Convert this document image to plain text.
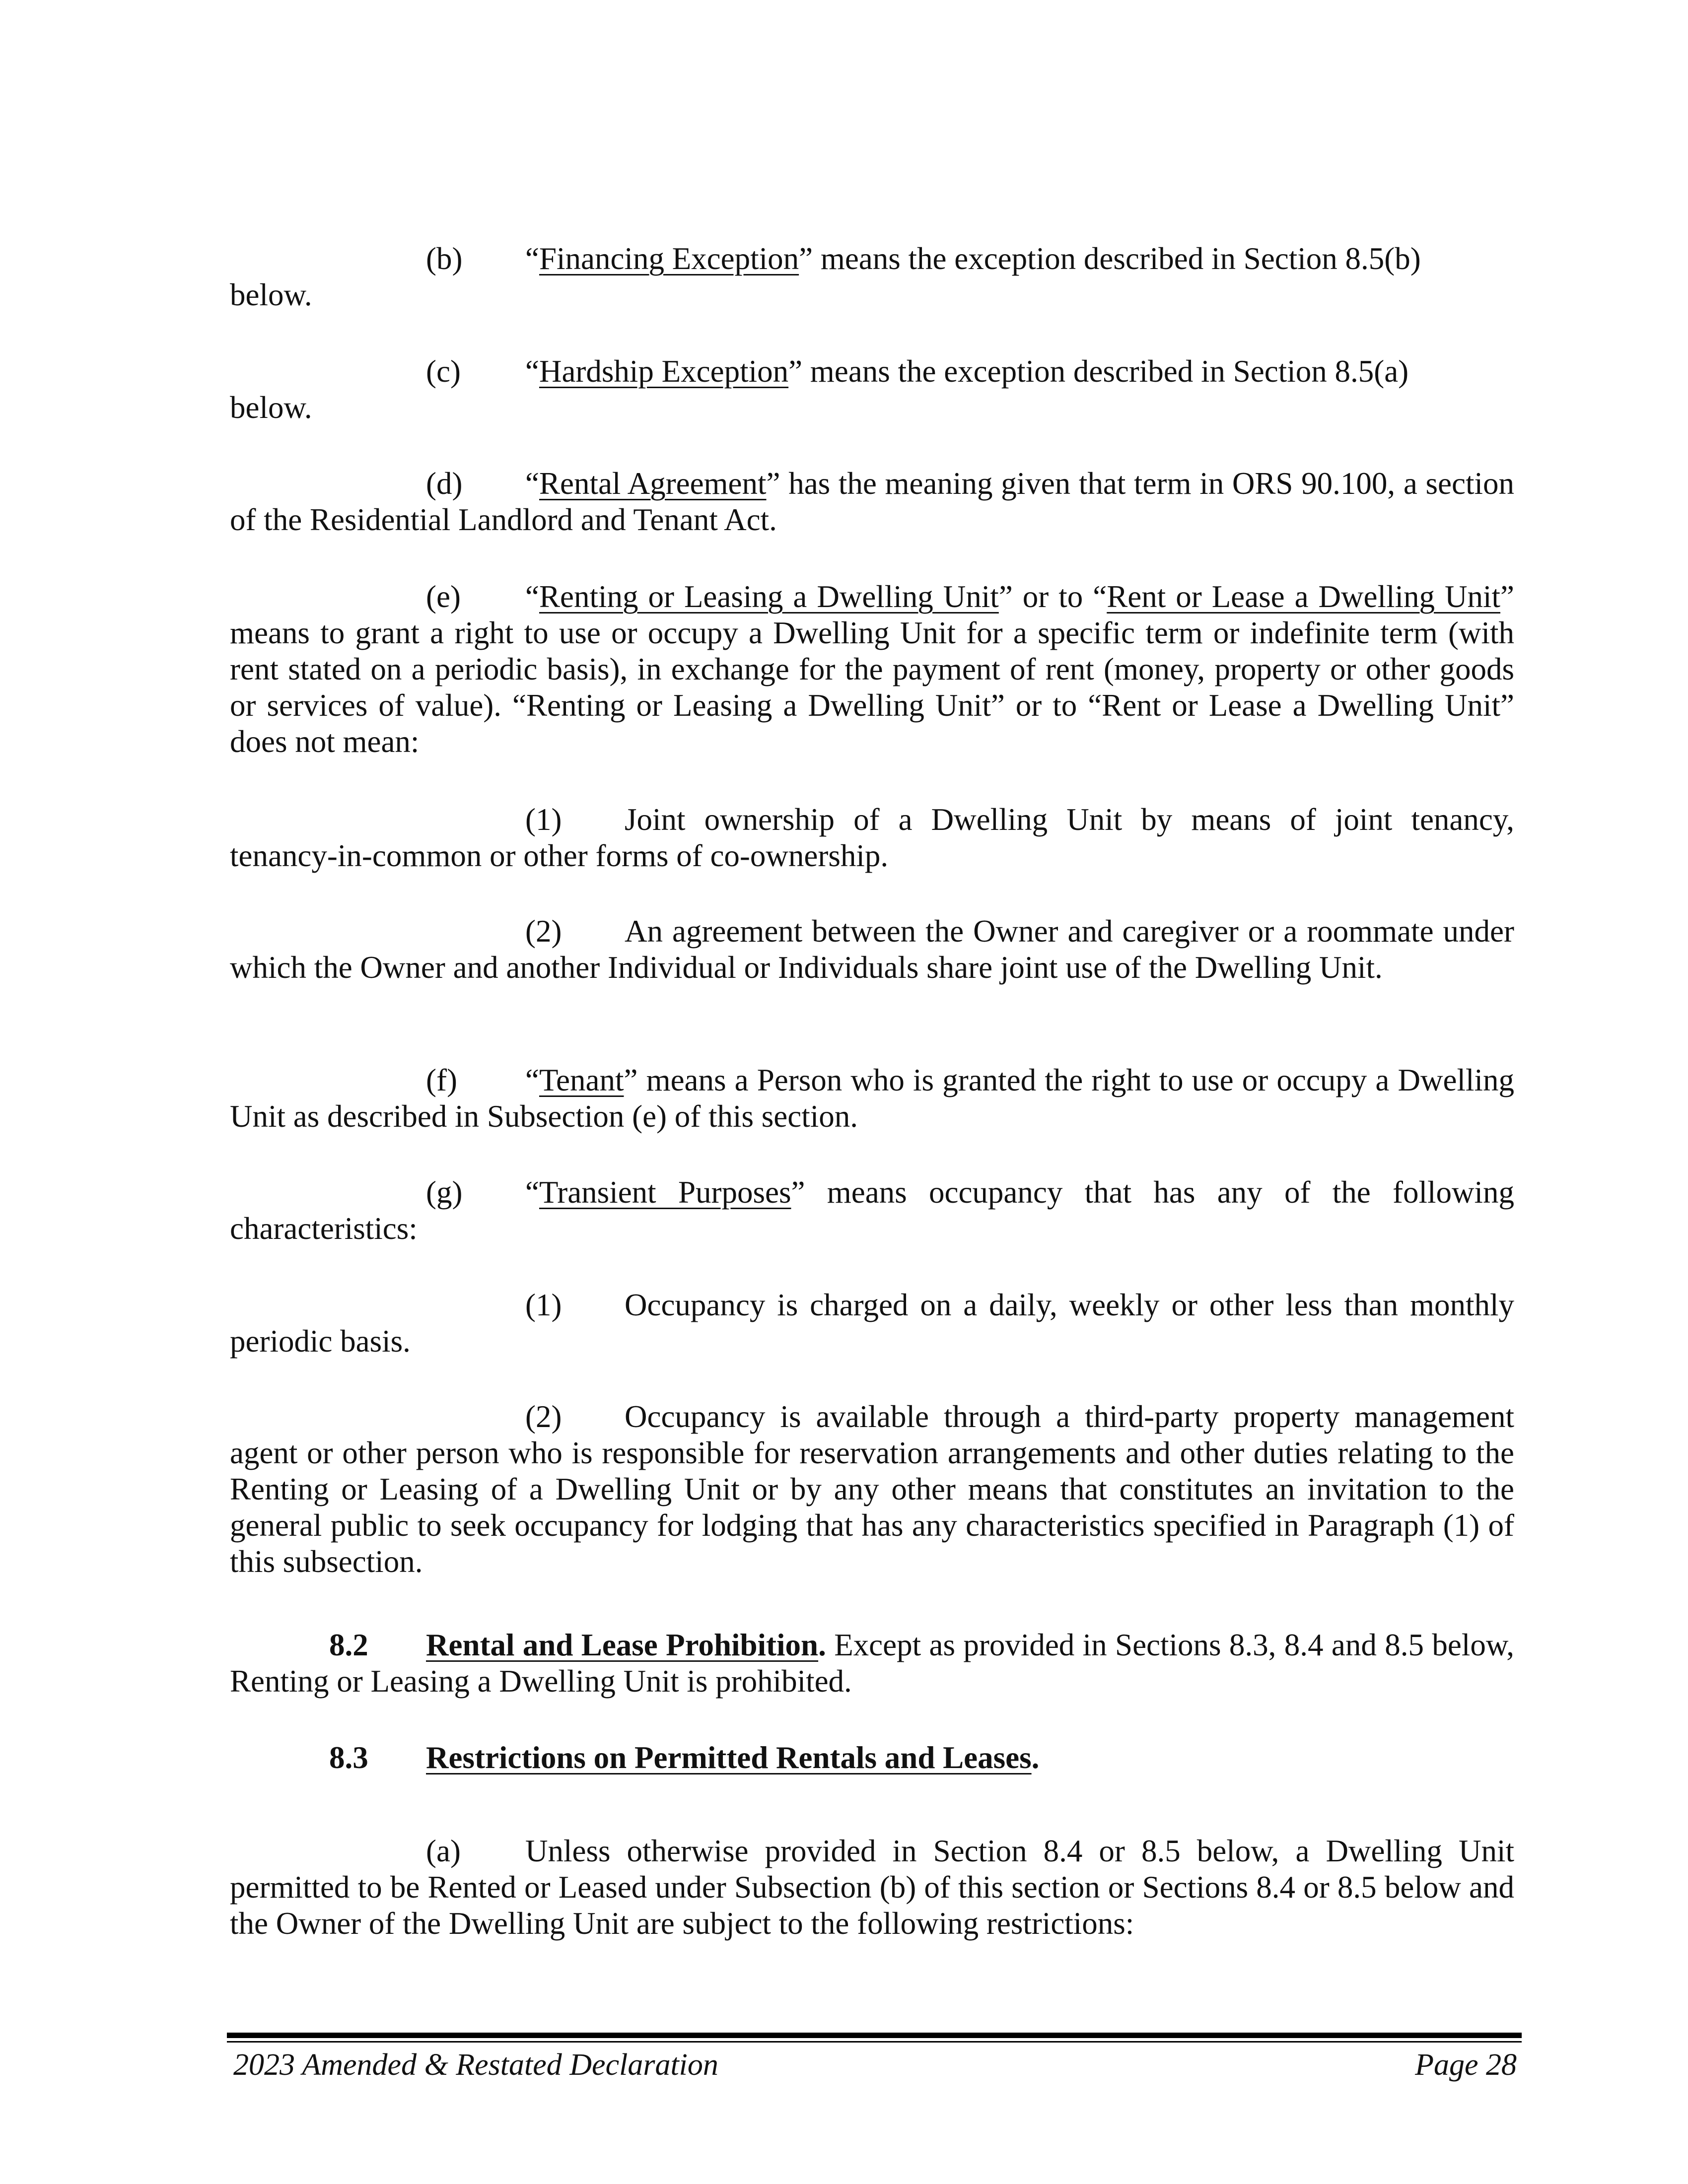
(b) “Financing Exception” means the exception described in Section 8.5(b)
below.
(c) “Hardship Exception” means the exception described in Section 8.5(a)
below.
(d) “Rental Agreement” has the meaning given that term in ORS 90.100, a section of the Residential Landlord and Tenant Act.
(e) “Renting or Leasing a Dwelling Unit” or to “Rent or Lease a Dwelling Unit” means to grant a right to use or occupy a Dwelling Unit for a specific term or indefinite term (with rent stated on a periodic basis), in exchange for the payment of rent (money, property or other goods or services of value). “Renting or Leasing a Dwelling Unit” or to “Rent or Lease a Dwelling Unit” does not mean:
(1) Joint ownership of a Dwelling Unit by means of joint tenancy, tenancy-in-common or other forms of co-ownership.
(2) An agreement between the Owner and caregiver or a roommate under which the Owner and another Individual or Individuals share joint use of the Dwelling Unit.
(f) “Tenant” means a Person who is granted the right to use or occupy a Dwelling Unit as described in Subsection (e) of this section.
(g) “Transient Purposes” means occupancy that has any of the following characteristics:
(1) Occupancy is charged on a daily, weekly or other less than monthly periodic basis.
(2) Occupancy is available through a third-party property management agent or other person who is responsible for reservation arrangements and other duties relating to the Renting or Leasing of a Dwelling Unit or by any other means that constitutes an invitation to the general public to seek occupancy for lodging that has any characteristics specified in Paragraph (1) of this subsection.
8.2 Rental and Lease Prohibition. Except as provided in Sections 8.3, 8.4 and 8.5 below, Renting or Leasing a Dwelling Unit is prohibited.
8.3 Restrictions on Permitted Rentals and Leases.
(a) Unless otherwise provided in Section 8.4 or 8.5 below, a Dwelling Unit permitted to be Rented or Leased under Subsection (b) of this section or Sections 8.4 or 8.5 below and the Owner of the Dwelling Unit are subject to the following restrictions:
2023 Amended & Restated Declaration	Page 28
